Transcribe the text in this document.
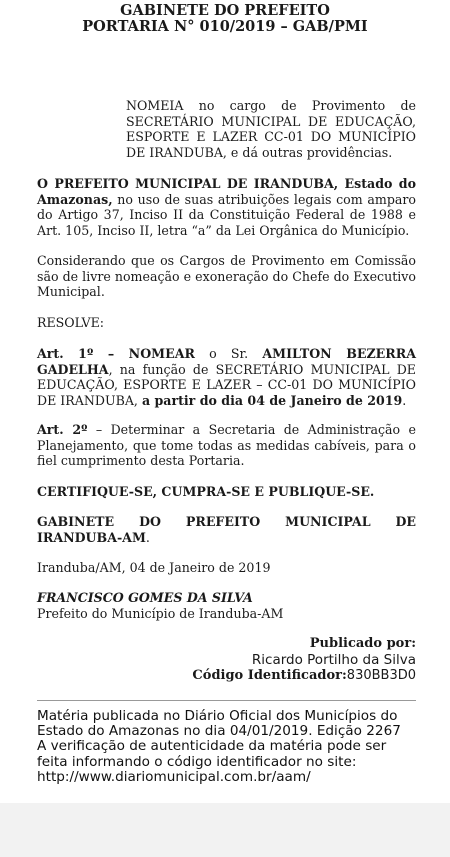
GABINETE DO PREFEITO
PORTARIA N° 010/2019 – GAB/PMI
NOMEIA no cargo de Provimento de SECRETÁRIO MUNICIPAL DE EDUCAÇÃO, ESPORTE E LAZER CC-01 DO MUNICÍPIO DE IRANDUBA, e dá outras providências.
O PREFEITO MUNICIPAL DE IRANDUBA, Estado do Amazonas, no uso de suas atribuições legais com amparo do Artigo 37, Inciso II da Constituição Federal de 1988 e Art. 105, Inciso II, letra “a” da Lei Orgânica do Município.
Considerando que os Cargos de Provimento em Comissão são de livre nomeação e exoneração do Chefe do Executivo Municipal.
RESOLVE:
Art. 1º – NOMEAR o Sr. AMILTON BEZERRA GADELHA, na função de SECRETÁRIO MUNICIPAL DE EDUCAÇÃO, ESPORTE E LAZER – CC-01 DO MUNICÍPIO DE IRANDUBA, a partir do dia 04 de Janeiro de 2019.
Art. 2º – Determinar a Secretaria de Administração e Planejamento, que tome todas as medidas cabíveis, para o fiel cumprimento desta Portaria.
CERTIFIQUE-SE, CUMPRA-SE E PUBLIQUE-SE.
GABINETE DO PREFEITO MUNICIPAL DE IRANDUBA-AM.
Iranduba/AM, 04 de Janeiro de 2019
FRANCISCO GOMES DA SILVA
Prefeito do Município de Iranduba-AM
Publicado por:
Ricardo Portilho da Silva
Código Identificador:830BB3D0
Matéria publicada no Diário Oficial dos Municípios do Estado do Amazonas no dia 04/01/2019. Edição 2267
A verificação de autenticidade da matéria pode ser feita informando o código identificador no site:
http://www.diariomunicipal.com.br/aam/
